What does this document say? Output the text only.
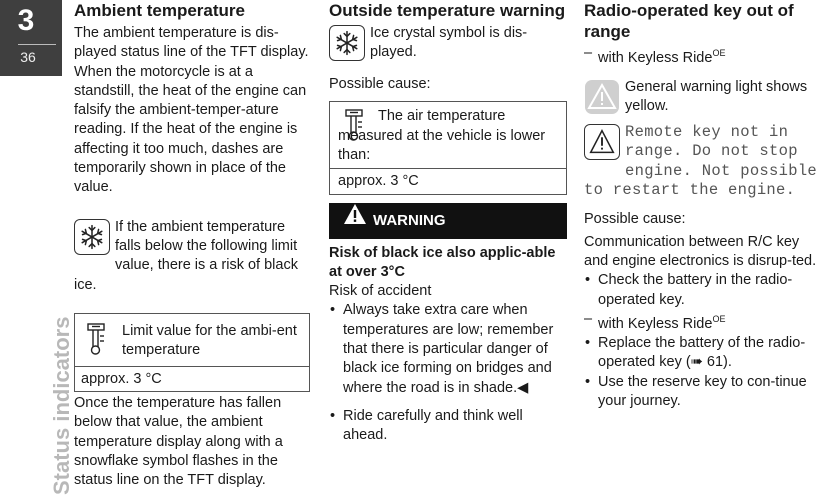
3
36
Status indicators
Ambient temperature

The ambient temperature is dis-played status line of the TFT display.

When the motorcycle is at a standstill, the heat of the engine can falsify the ambient-temper-ature reading. If the heat of the engine is affecting it too much, dashes are temporarily shown in place of the value.

If the ambient temperature falls below the following limit value, there is a risk of black ice.

Limit value for the ambi-ent temperature

approx. 3 °C

Once the temperature has fallen below that value, the ambient temperature display along with a snowflake symbol flashes in the status line on the TFT display.

Outside temperature warning

Ice crystal symbol is dis-played.

Possible cause:

The air temperature measured at the vehicle is lower than:

approx. 3 °C

WARNING

Risk of black ice also applic-able at over 3°C

Risk of accident

• Always take extra care when temperatures are low; remember that there is particular danger of black ice forming on bridges and where the road is in shade.◀

• Ride carefully and think well ahead.

Radio-operated key out of range

– with Keyless Ride$^{OE}$

General warning light shows yellow.

Remote key not in range. Do not stop engine. Not possible to restart the engine.

Possible cause:

Communication between R/C key and engine electronics is disrup-ted.

• Check the battery in the radio-operated key.

– with Keyless Ride$^{OE}$

• Replace the battery of the radio-operated key (➠ 61).

• Use the reserve key to con-tinue your journey.
